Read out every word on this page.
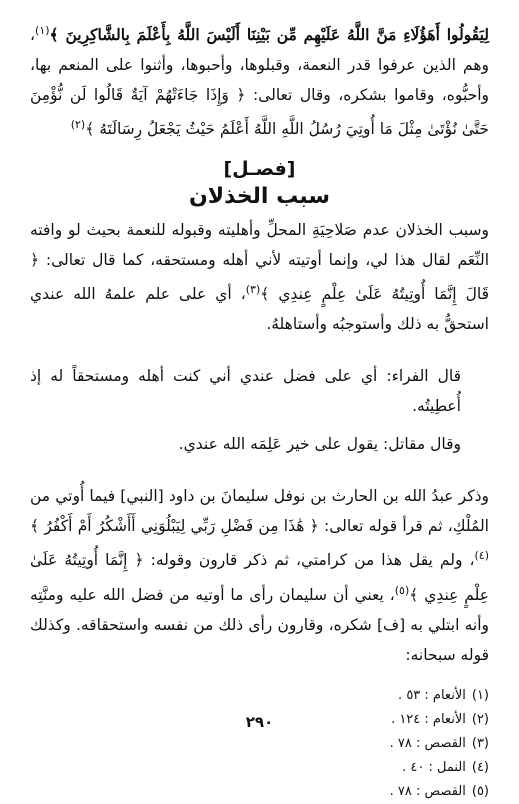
لِيَقُولُوا أَهَؤُلَاءِ مَنَّ اللَّهُ عَلَيْهِم مِّن بَيْنِنَا أَلَيْسَ اللَّهُ بِأَعْلَمَ بِالشَّاكِرِينَ ﴾$^{(١)}$، وهم الذين عرفوا قدر النعمة، وقبلوها، وأحبوها، وأثنوا على المنعم بها، وأحبُّوه، وقاموا بشكره، وقال تعالى: ﴿ وَإِذَا جَاءَتْهُمْ آيَةٌ قَالُوا لَن نُّؤْمِنَ حَتَّىٰ نُؤْتَىٰ مِثْلَ مَا أُوتِيَ رُسُلُ اللَّهِ اللَّهُ أَعْلَمُ حَيْثُ يَجْعَلُ رِسَالَتَهُ ﴾$^{(٢)}$

[فصـل]
سبب الخذلان

وسبب الخذلان عدم صَلاحِيَةِ المحلِّ وأهليته وقبوله للنعمة بحيث لو وافته النِّعَم لقال هذا لي، وإنما أوتيته لأني أهله ومستحقه، كما قال تعالى: ﴿ قَالَ إِنَّمَا أُوتِيتُهُ عَلَىٰ عِلْمٍ عِندِي ﴾$^{(٣)}$، أي على علم علمهُ الله عندي استحقُّ به ذلك وأستوجبُه وأستاهلهُ.

قال الفراء: أي على فضل عندي أني كنت أهله ومستحقاً له إذ أُعطِيتُه.

وقال مقاتل: يقول على خير عَلِمَه الله عندي.

وذكر عبدُ الله بن الحارث بن نوفل سليمانَ بن داود [النبي] فيما أُوتي من المُلْكِ، ثم قرأ قوله تعالى: ﴿ هَٰذَا مِن فَضْلِ رَبِّي لِيَبْلُوَنِي أَأَشْكُرُ أَمْ أَكْفُرُ ﴾$^{(٤)}$، ولم يقل هذا من كرامتي، ثم ذكر قارون وقوله: ﴿ إِنَّمَا أُوتِيتُهُ عَلَىٰ عِلْمٍ عِندِي ﴾$^{(٥)}$، يعني أن سليمان رأى ما أوتيه من فضل الله عليه ومنَّتِه وأنه ابتلي به [ف] شكره، وقارون رأى ذلك من نفسه واستحقاقه. وكذلك قوله سبحانه:

(١)
الأنعام : ٥٣ .
(٢)
الأنعام : ١٢٤ .
(٣)
القصص : ٧٨ .
(٤)
النمل : ٤٠ .
(٥)
القصص : ٧٨ .
٢٩٠
